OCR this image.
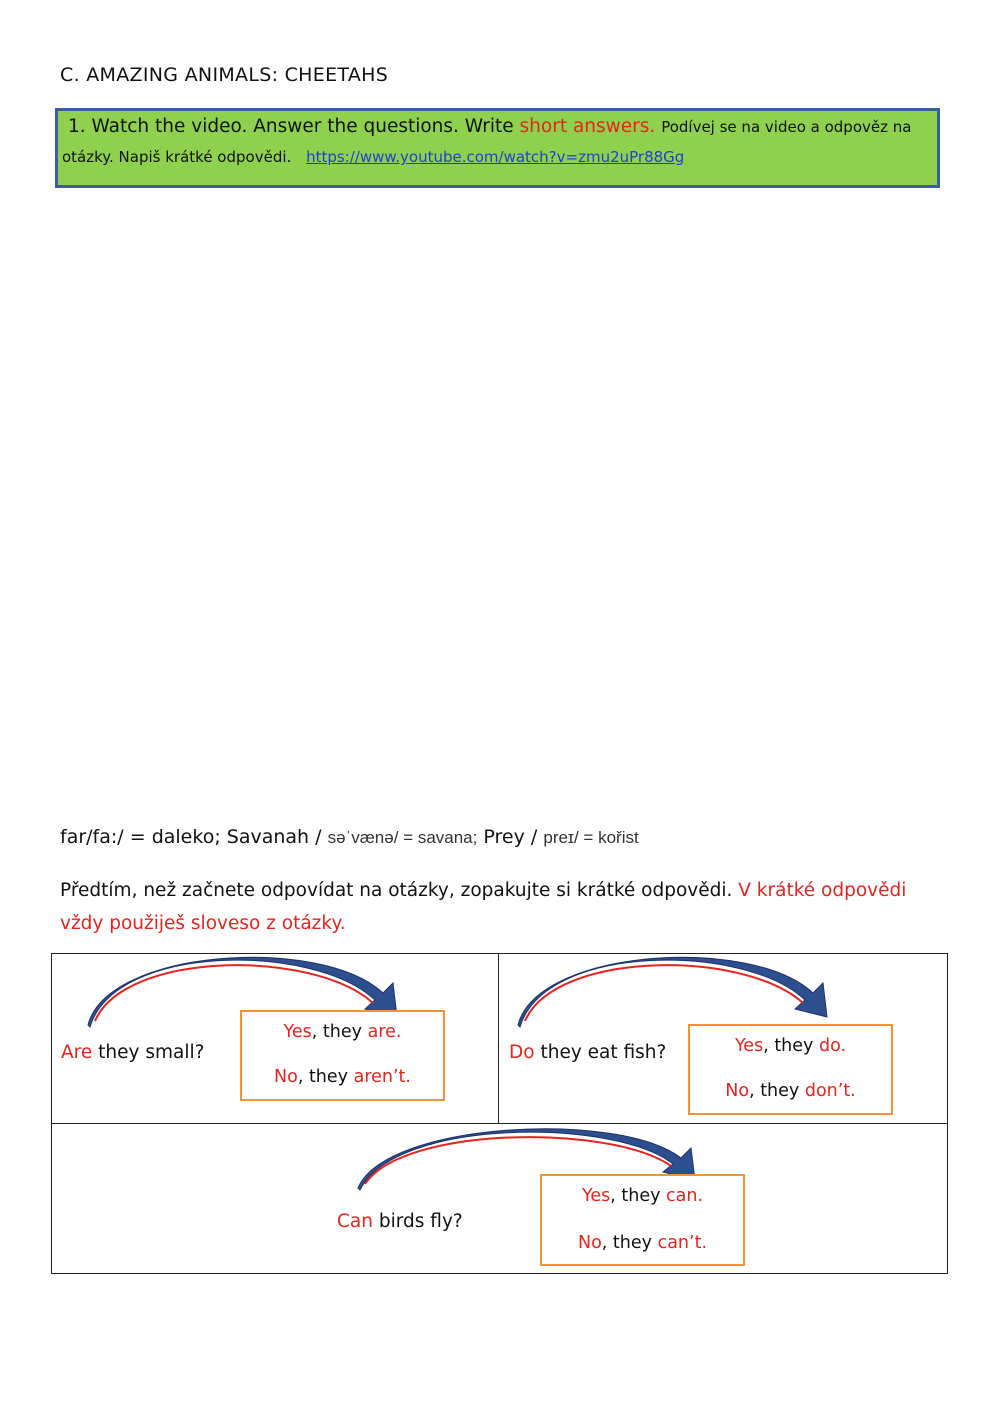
C. AMAZING ANIMALS: CHEETAHS
1. Watch the video. Answer the questions. Write short answers. Podívej se na video a odpověz na
otázky. Napiš krátké odpovědi. https://www.youtube.com/watch?v=zmu2uPr88Gg
far/fa:/ = daleko; Savanah / səˈvænə/ = savana; Prey / preɪ/ = kořist
Předtím, než začnete odpovídat na otázky, zopakujte si krátké odpovědi. V krátké odpovědi vždy použiješ sloveso z otázky.
Are they small?
Yes, they are.
No, they aren’t.
Do they eat fish?	Yes, they do.
No, they don’t.
Can birds fly?
Yes, they can.
No, they can’t.
